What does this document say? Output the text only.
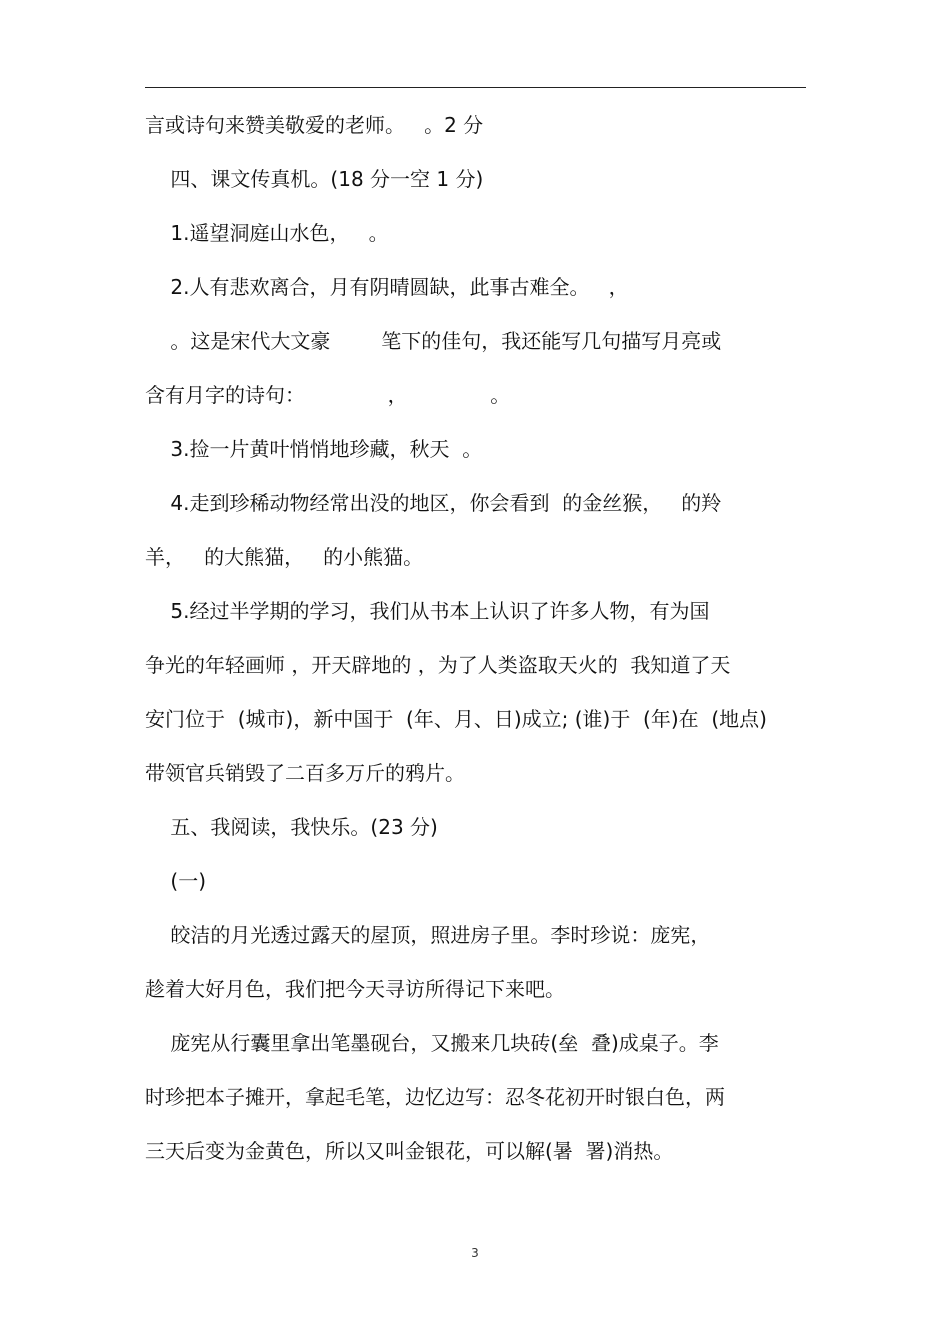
言或诗句来赞美敬爱的老师。   。2 分
四、课文传真机。(18 分一空 1 分)
1.遥望洞庭山水色，   。
2.人有悲欢离合，月有阴晴圆缺，此事古难全。   ，
。这是宋代大文豪        笔下的佳句，我还能写几句描写月亮或
含有月字的诗句：             ，             。
3.捡一片黄叶悄悄地珍藏，秋天  。
4.走到珍稀动物经常出没的地区，你会看到  的金丝猴，   的羚
羊，   的大熊猫，   的小熊猫。
5.经过半学期的学习，我们从书本上认识了许多人物，有为国
争光的年轻画师 ，开天辟地的 ，为了人类盗取天火的  我知道了天
安门位于  (城市)，新中国于  (年、月、日)成立; (谁)于  (年)在  (地点)
带领官兵销毁了二百多万斤的鸦片。
五、我阅读，我快乐。(23 分)
(一)
皎洁的月光透过露天的屋顶，照进房子里。李时珍说：庞宪，
趁着大好月色，我们把今天寻访所得记下来吧。
庞宪从行囊里拿出笔墨砚台，又搬来几块砖(垒  叠)成桌子。李
时珍把本子摊开，拿起毛笔，边忆边写：忍冬花初开时银白色，两
三天后变为金黄色，所以又叫金银花，可以解(暑  署)消热。
3
